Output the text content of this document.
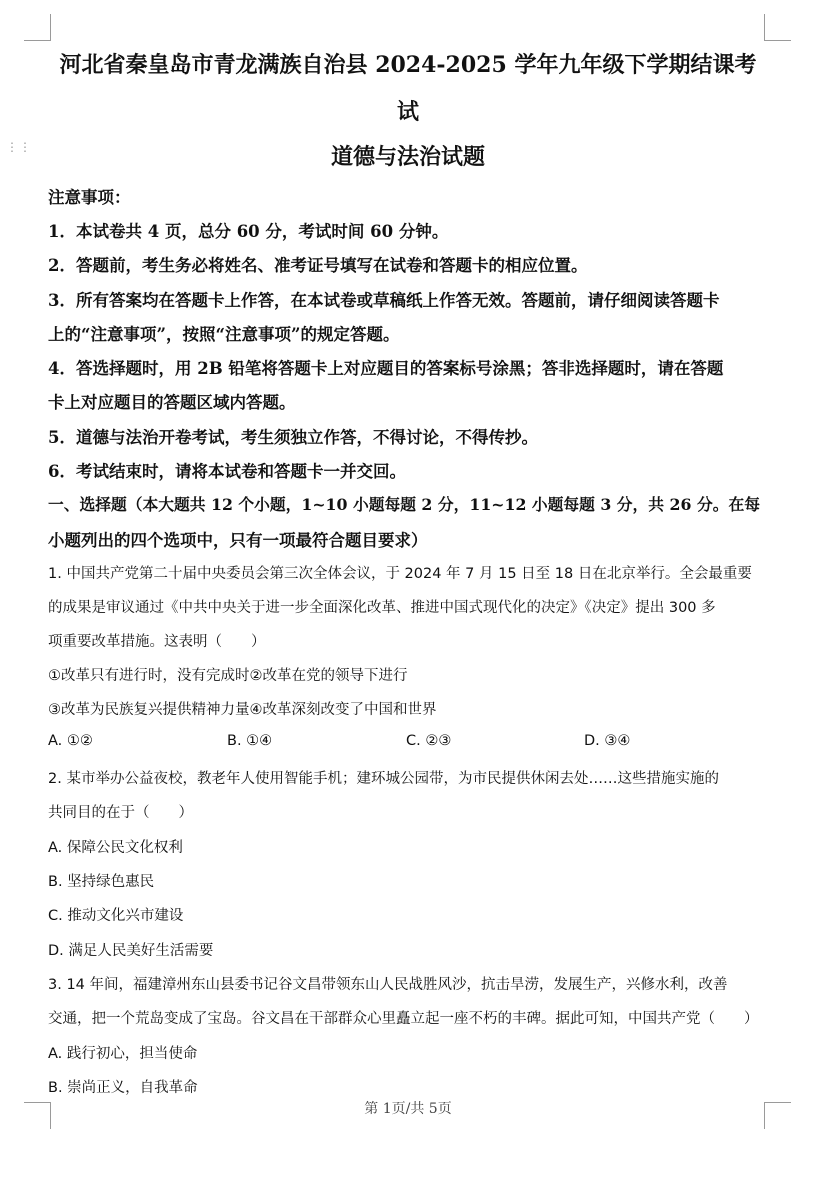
⋮⋮
河北省秦皇岛市青龙满族自治县 2024-2025 学年九年级下学期结课考
试
道德与法治试题
注意事项：
1．本试卷共 4 页，总分 60 分，考试时间 60 分钟。
2．答题前，考生务必将姓名、准考证号填写在试卷和答题卡的相应位置。
3．所有答案均在答题卡上作答，在本试卷或草稿纸上作答无效。答题前，请仔细阅读答题卡
上的“注意事项”，按照“注意事项”的规定答题。
4．答选择题时，用 2B 铅笔将答题卡上对应题目的答案标号涂黑；答非选择题时，请在答题
卡上对应题目的答题区域内答题。
5．道德与法治开卷考试，考生须独立作答，不得讨论，不得传抄。
6．考试结束时，请将本试卷和答题卡一并交回。
一、选择题（本大题共 12 个小题，1~10 小题每题 2 分，11~12 小题每题 3 分，共 26 分。在每
小题列出的四个选项中，只有一项最符合题目要求）
1. 中国共产党第二十届中央委员会第三次全体会议，于 2024 年 7 月 15 日至 18 日在北京举行。全会最重要
的成果是审议通过《中共中央关于进一步全面深化改革、推进中国式现代化的决定》《决定》提出 300 多
项重要改革措施。这表明（　　）
①改革只有进行时，没有完成时②改革在党的领导下进行
③改革为民族复兴提供精神力量④改革深刻改变了中国和世界
A. ①②	B. ①④	C. ②③	D. ③④
2. 某市举办公益夜校，教老年人使用智能手机；建环城公园带，为市民提供休闲去处……这些措施实施的
共同目的在于（　　）
A. 保障公民文化权利
B. 坚持绿色惠民
C. 推动文化兴市建设
D. 满足人民美好生活需要
3. 14 年间，福建漳州东山县委书记谷文昌带领东山人民战胜风沙，抗击旱涝，发展生产，兴修水利，改善
交通，把一个荒岛变成了宝岛。谷文昌在干部群众心里矗立起一座不朽的丰碑。据此可知，中国共产党（　　）
A. 践行初心，担当使命
B. 崇尚正义，自我革命
第 1页/共 5页
